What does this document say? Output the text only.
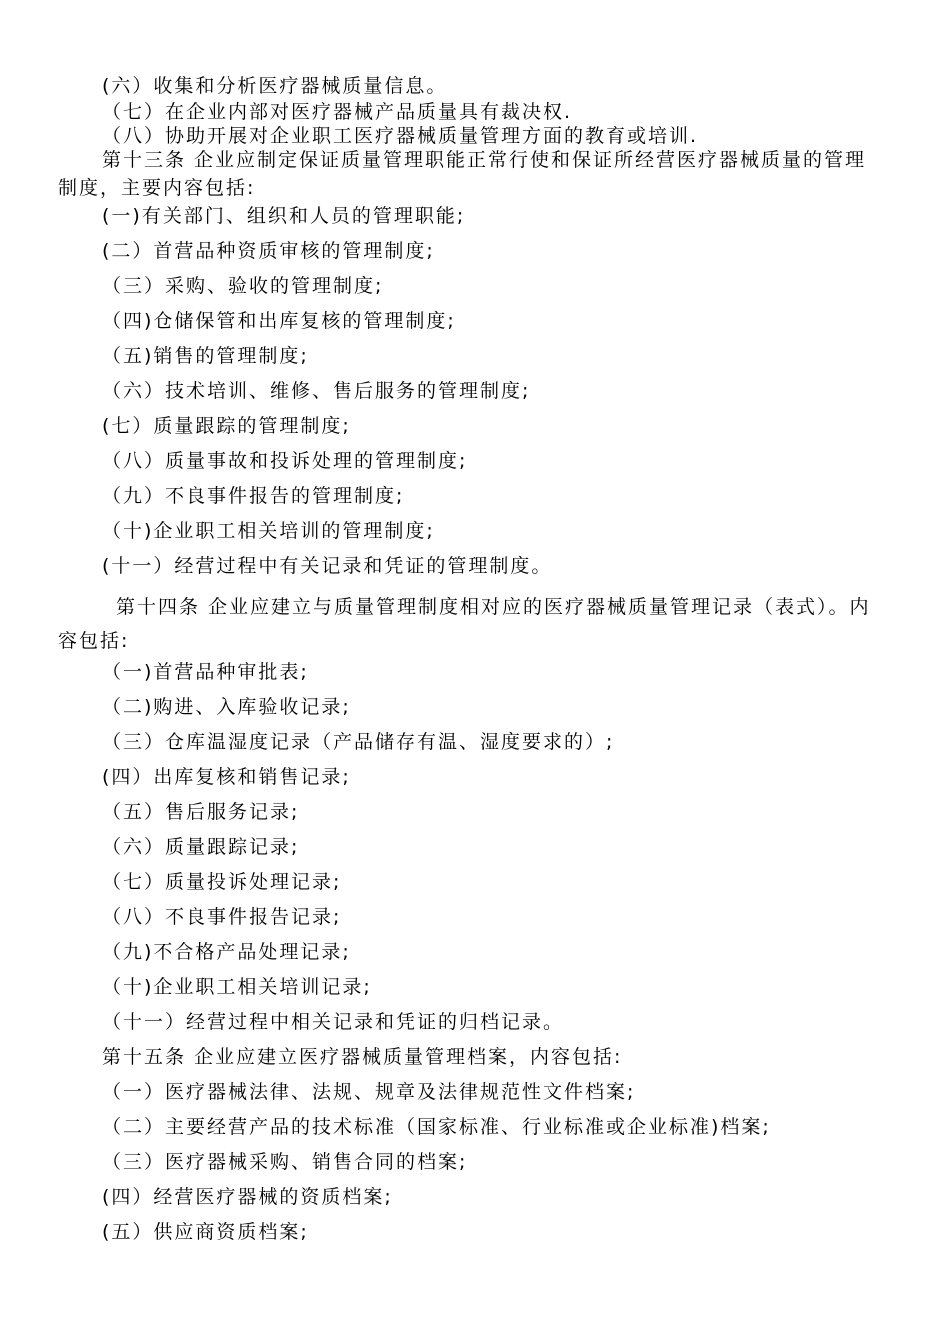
(六）收集和分析医疗器械质量信息。
（七）在企业内部对医疗器械产品质量具有裁决权.
（八）协助开展对企业职工医疗器械质量管理方面的教育或培训.
第十三条 企业应制定保证质量管理职能正常行使和保证所经营医疗器械质量的管理制度，主要内容包括:
(一)有关部门、组织和人员的管理职能;
(二）首营品种资质审核的管理制度;
（三）采购、验收的管理制度;
（四)仓储保管和出库复核的管理制度;
（五)销售的管理制度;
（六）技术培训、维修、售后服务的管理制度;
(七）质量跟踪的管理制度;
（八）质量事故和投诉处理的管理制度;
（九）不良事件报告的管理制度;
（十)企业职工相关培训的管理制度;
(十一）经营过程中有关记录和凭证的管理制度。
第十四条 企业应建立与质量管理制度相对应的医疗器械质量管理记录（表式）。内容包括:
（一)首营品种审批表;
（二)购进、入库验收记录;
（三）仓库温湿度记录（产品储存有温、湿度要求的）;
(四）出库复核和销售记录;
（五）售后服务记录;
（六）质量跟踪记录;
（七）质量投诉处理记录;
（八）不良事件报告记录;
（九)不合格产品处理记录;
（十)企业职工相关培训记录;
（十一）经营过程中相关记录和凭证的归档记录。
第十五条 企业应建立医疗器械质量管理档案，内容包括:
（一）医疗器械法律、法规、规章及法律规范性文件档案;
（二）主要经营产品的技术标准（国家标准、行业标准或企业标准)档案;
（三）医疗器械采购、销售合同的档案;
(四）经营医疗器械的资质档案;
(五）供应商资质档案;
